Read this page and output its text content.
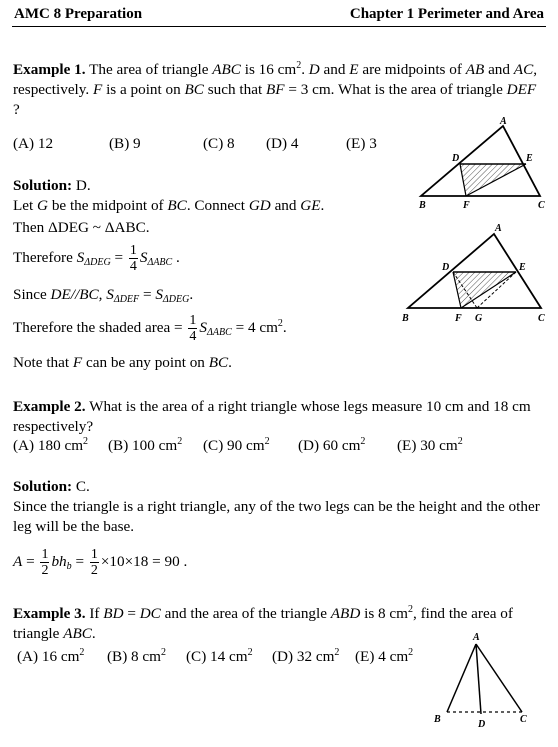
AMC 8 Preparation	Chapter 1 Perimeter and Area
Example 1. The area of triangle ABC is 16 $cm^2$. D and E are midpoints of AB and AC, respectively. F is a point on BC such that BF = 3 cm. What is the area of triangle DEF ?
(A) 12	(B) 9	(C) 8 (D) 4	(E) 3
A
D	E
B	F	C
A
D	E
B	F G	C
A
B	D	C
Solution: D.
Let G be the midpoint of BC. Connect GD and GE.
Then ΔDEG ~ ΔABC.
Therefore $S_{\Delta DEG} = \frac{1}{4} S_{\Delta ABC}$ .
Since DE//BC, $S_{\Delta DEF} = S_{\Delta DEG}$.
Therefore the shaded area = $\frac{1}{4} S_{\Delta ABC} = 4$ $cm^2$.
Note that F can be any point on BC.
Example 2. What is the area of a right triangle whose legs measure 10 cm and 18 cm respectively?
(A) 180 $cm^2$ (B) 100 $cm^2$ (C) 90 $cm^2$ (D) 60 $cm^2$ (E) 30 $cm^2$
Solution: C.
Since the triangle is a right triangle, any of the two legs can be the height and the other leg will be the base.
$A = \frac{1}{2} bh_b = \frac{1}{2} \times 10\times 18 = 90$ .
Example 3. If BD = DC and the area of the triangle ABD is 8 $cm^2$, find the area of triangle ABC.
(A) 16 $cm^2$ (B) 8 $cm^2$ (C) 14 $cm^2$ (D) 32 $cm^2$ (E) 4 $cm^2$
